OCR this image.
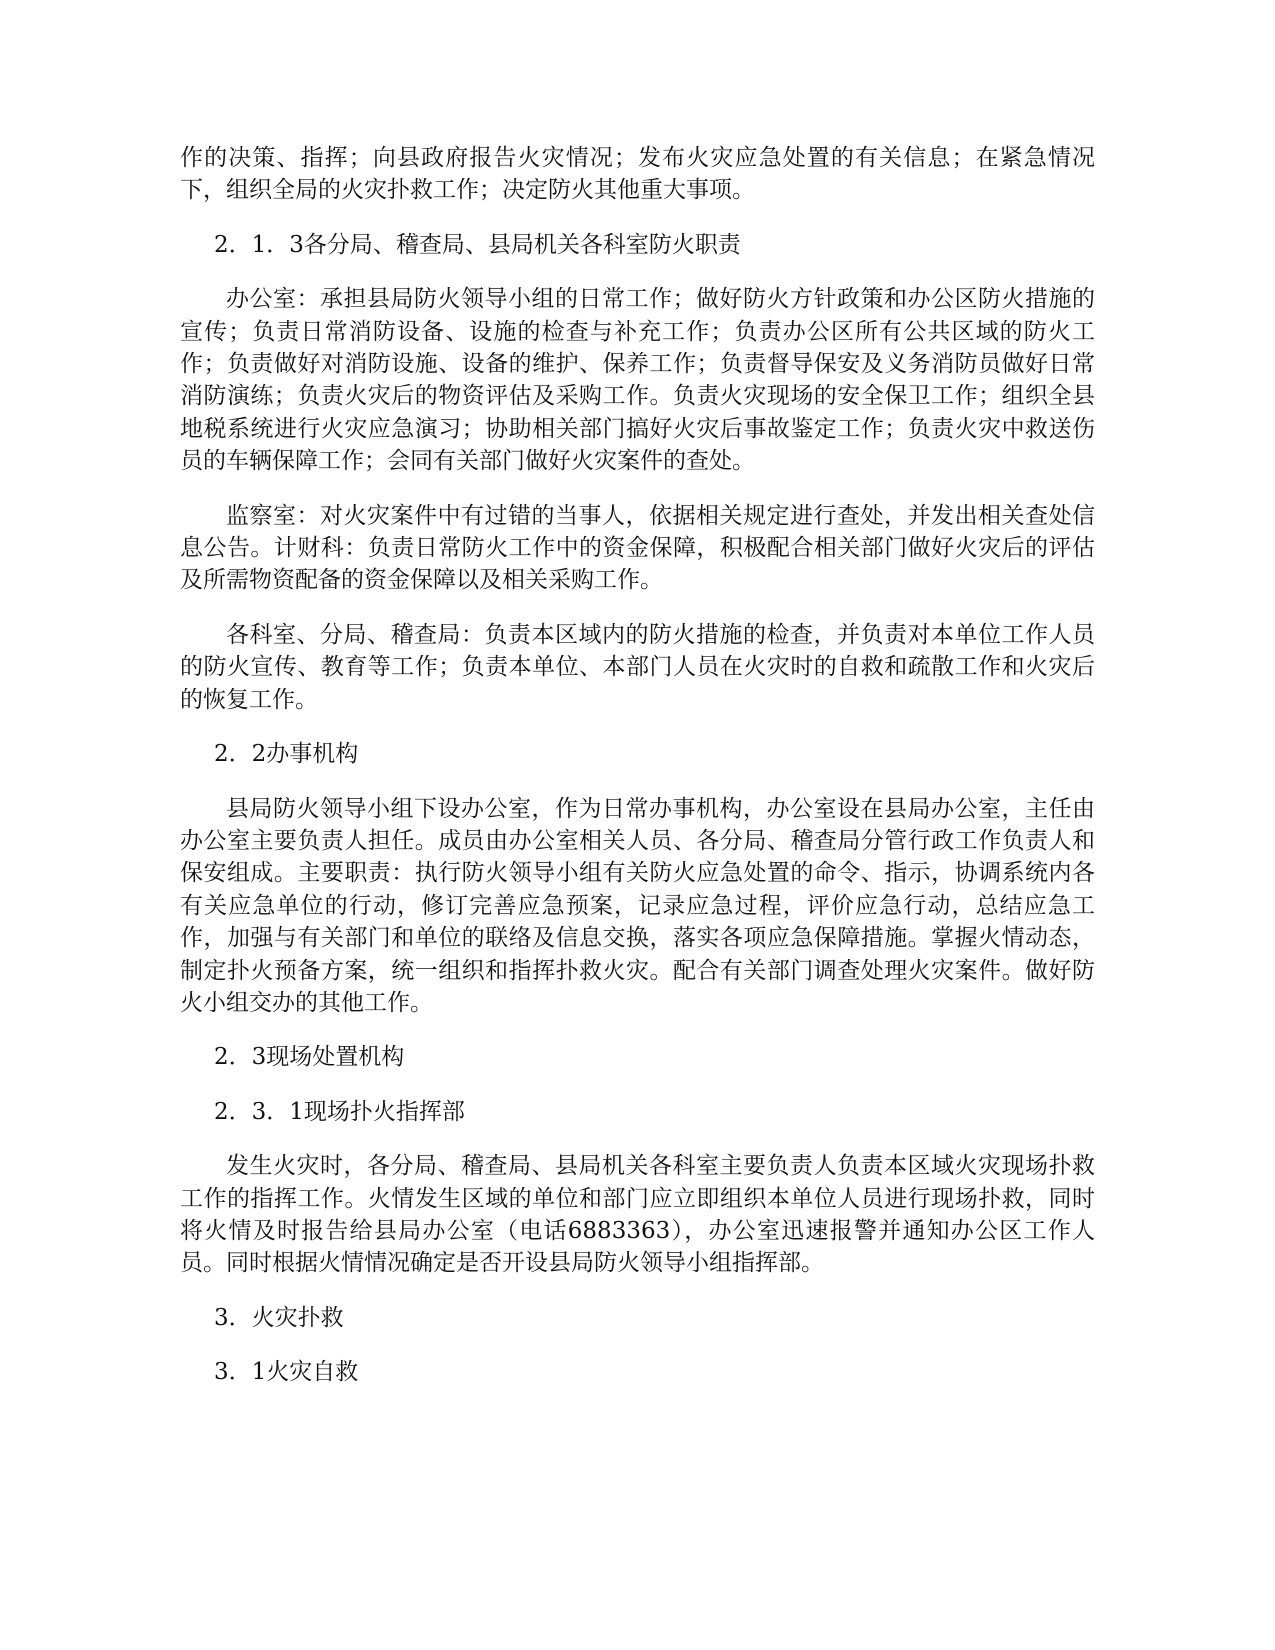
作的决策、指挥；向县政府报告火灾情况；发布火灾应急处置的有关信息；在紧急情况下，组织全局的火灾扑救工作；决定防火其他重大事项。

2．1．3各分局、稽查局、县局机关各科室防火职责

办公室：承担县局防火领导小组的日常工作；做好防火方针政策和办公区防火措施的宣传；负责日常消防设备、设施的检查与补充工作；负责办公区所有公共区域的防火工作；负责做好对消防设施、设备的维护、保养工作；负责督导保安及义务消防员做好日常消防演练；负责火灾后的物资评估及采购工作。负责火灾现场的安全保卫工作；组织全县地税系统进行火灾应急演习；协助相关部门搞好火灾后事故鉴定工作；负责火灾中救送伤员的车辆保障工作；会同有关部门做好火灾案件的查处。

监察室：对火灾案件中有过错的当事人，依据相关规定进行查处，并发出相关查处信息公告。计财科：负责日常防火工作中的资金保障，积极配合相关部门做好火灾后的评估及所需物资配备的资金保障以及相关采购工作。

各科室、分局、稽查局：负责本区域内的防火措施的检查，并负责对本单位工作人员的防火宣传、教育等工作；负责本单位、本部门人员在火灾时的自救和疏散工作和火灾后的恢复工作。

2．2办事机构

县局防火领导小组下设办公室，作为日常办事机构，办公室设在县局办公室，主任由办公室主要负责人担任。成员由办公室相关人员、各分局、稽查局分管行政工作负责人和保安组成。主要职责：执行防火领导小组有关防火应急处置的命令、指示，协调系统内各有关应急单位的行动，修订完善应急预案，记录应急过程，评价应急行动，总结应急工作，加强与有关部门和单位的联络及信息交换，落实各项应急保障措施。掌握火情动态，制定扑火预备方案，统一组织和指挥扑救火灾。配合有关部门调查处理火灾案件。做好防火小组交办的其他工作。

2．3现场处置机构

2．3．1现场扑火指挥部

发生火灾时，各分局、稽查局、县局机关各科室主要负责人负责本区域火灾现场扑救工作的指挥工作。火情发生区域的单位和部门应立即组织本单位人员进行现场扑救，同时将火情及时报告给县局办公室（电话6883363），办公室迅速报警并通知办公区工作人员。同时根据火情情况确定是否开设县局防火领导小组指挥部。

3．火灾扑救

3．1火灾自救
